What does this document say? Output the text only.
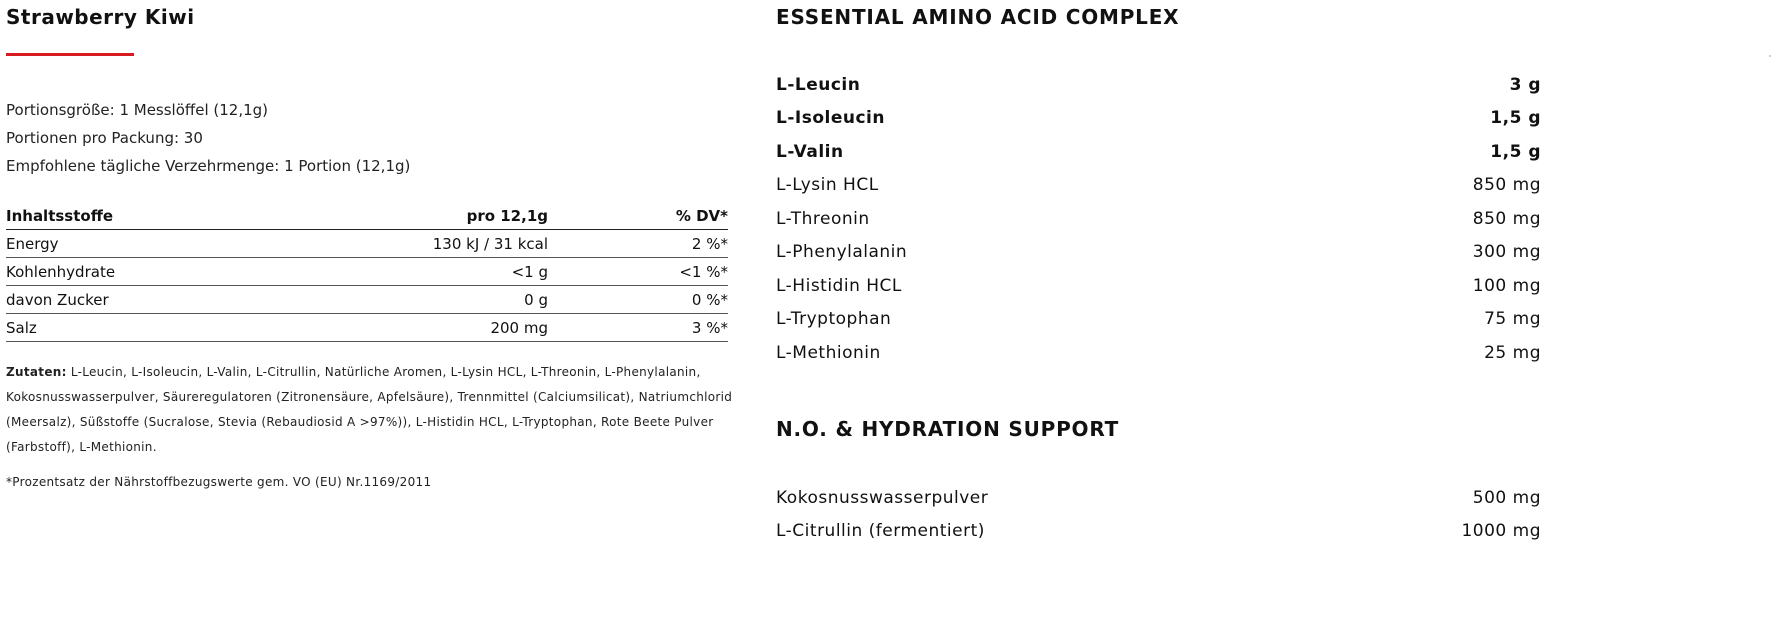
Strawberry Kiwi
Portionsgröße: 1 Messlöffel (12,1g)
Portionen pro Packung: 30
Empfohlene tägliche Verzehrmenge: 1 Portion (12,1g)
Inhaltsstoffe	pro 12,1g	% DV*
Energy	130 kJ / 31 kcal	2 %*
Kohlenhydrate	<1 g	<1 %*
davon Zucker	0 g	0 %*
Salz	200 mg	3 %*
Zutaten: L-Leucin, L-Isoleucin, L-Valin, L-Citrullin, Natürliche Aromen, L-Lysin HCL, L-Threonin, L-Phenylalanin, Kokosnusswasserpulver, Säureregulatoren (Zitronensäure, Apfelsäure), Trennmittel (Calciumsilicat), Natriumchlorid (Meersalz), Süßstoffe (Sucralose, Stevia (Rebaudiosid A >97%)), L-Histidin HCL, L-Tryptophan, Rote Beete Pulver (Farbstoff), L-Methionin.
*Prozentsatz der Nährstoffbezugswerte gem. VO (EU) Nr.1169/2011
ESSENTIAL AMINO ACID COMPLEX
L-Leucin	3 g
L-Isoleucin	1,5 g
L-Valin	1,5 g
L-Lysin HCL	850 mg
L-Threonin	850 mg
L-Phenylalanin	300 mg
L-Histidin HCL	100 mg
L-Tryptophan	75 mg
L-Methionin	25 mg
N.O. & HYDRATION SUPPORT
Kokosnusswasserpulver	500 mg
L-Citrullin (fermentiert)	1000 mg
